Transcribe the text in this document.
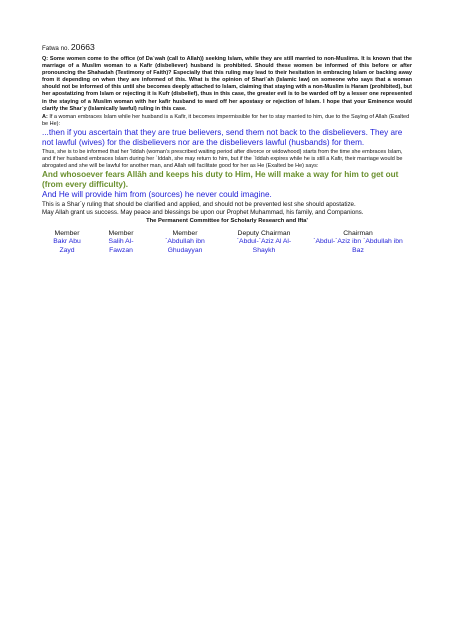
Fatwa no. 20663

Q: Some women come to the office (of Da`wah (call to Allah)) seeking Islam, while they are still married to non-Muslims. It is known that the marriage of a Muslim woman to a Kafir (disbeliever) husband is prohibited. Should these women be informed of this before or after pronouncing the Shahadah (Testimony of Faith)? Especially that this ruling may lead to their hesitation in embracing Islam or backing away from it depending on when they are informed of this. What is the opinion of Shari`ah (Islamic law) on someone who says that a woman should not be informed of this until she becomes deeply attached to Islam, claiming that staying with a non-Muslim is Haram (prohibited), but her apostatizing from Islam or rejecting it is Kufr (disbelief), thus in this case, the greater evil is to be warded off by a lesser one represented in the staying of a Muslim woman with her kafir husband to ward off her apostasy or rejection of Islam. I hope that your Eminence would clarify the Shar`y (Islamically lawful) ruling in this case.

A: If a woman embraces Islam while her husband is a Kafir, it becomes impermissible for her to stay married to him, due to the Saying of Allah (Exalted be He):

...then if you ascertain that they are true believers, send them not back to the disbelievers. They are not lawful (wives) for the disbelievers nor are the disbelievers lawful (husbands) for them.

Thus, she is to be informed that her 'Iddah (woman's prescribed waiting period after divorce or widowhood) starts from the time she embraces Islam, and if her husband embraces Islam during her `Iddah, she may return to him, but if the `Iddah expires while he is still a Kafir, their marriage would be abrogated and she will be lawful for another man, and Allah will facilitate good for her as He (Exalted be He) says:

And whosoever fears Allāh and keeps his duty to Him, He will make a way for him to get out (from every difficulty).

And He will provide him from (sources) he never could imagine.

This is a Shar`y ruling that should be clarified and applied, and should not be prevented lest she should apostatize.

May Allah grant us success. May peace and blessings be upon our Prophet Muhammad, his family, and Companions.

The Permanent Committee for Scholarly Research and Ifta'
Member
Bakr Abu
Zayd
Member
Salih Al-
Fawzan
Member
`Abdullah ibn
Ghudayyan
Deputy Chairman
`Abdul-`Aziz Al Al-
Shaykh
Chairman
`Abdul-`Aziz ibn `Abdullah ibn
Baz
